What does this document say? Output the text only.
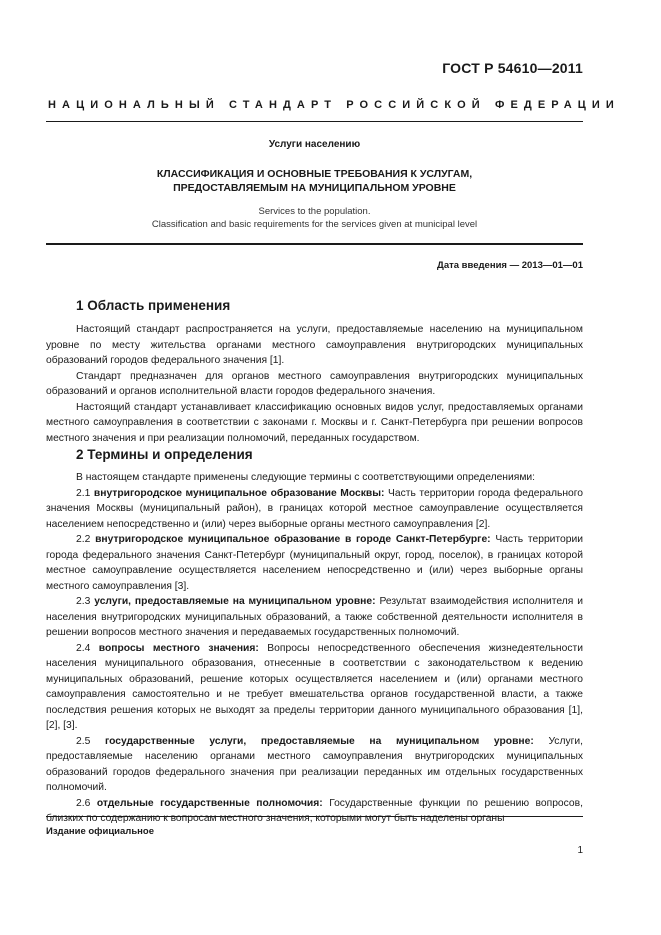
ГОСТ Р 54610—2011
НАЦИОНАЛЬНЫЙ СТАНДАРТ РОССИЙСКОЙ ФЕДЕРАЦИИ
Услуги населению
КЛАССИФИКАЦИЯ И ОСНОВНЫЕ ТРЕБОВАНИЯ К УСЛУГАМ,
ПРЕДОСТАВЛЯЕМЫМ НА МУНИЦИПАЛЬНОМ УРОВНЕ
Services to the population.
Classification and basic requirements for the services given at municipal level
Дата введения — 2013—01—01
1 Область применения

Настоящий стандарт распространяется на услуги, предоставляемые населению на муниципальном уровне по месту жительства органами местного самоуправления внутригородских муниципальных образований городов федерального значения [1].

Стандарт предназначен для органов местного самоуправления внутригородских муниципальных образований и органов исполнительной власти городов федерального значения.

Настоящий стандарт устанавливает классификацию основных видов услуг, предоставляемых органами местного самоуправления в соответствии с законами г. Москвы и г. Санкт-Петербурга при решении вопросов местного значения и при реализации полномочий, переданных государством.

2 Термины и определения

В настоящем стандарте применены следующие термины с соответствующими определениями:

2.1 внутригородское муниципальное образование Москвы: Часть территории города федерального значения Москвы (муниципальный район), в границах которой местное самоуправление осуществляется населением непосредственно и (или) через выборные органы местного самоуправления [2].

2.2 внутригородское муниципальное образование в городе Санкт-Петербурге: Часть территории города федерального значения Санкт-Петербург (муниципальный округ, город, поселок), в границах которой местное самоуправление осуществляется населением непосредственно и (или) через выборные органы местного самоуправления [3].

2.3 услуги, предоставляемые на муниципальном уровне: Результат взаимодействия исполнителя и населения внутригородских муниципальных образований, а также собственной деятельности исполнителя в решении вопросов местного значения и передаваемых государственных полномочий.

2.4 вопросы местного значения: Вопросы непосредственного обеспечения жизнедеятельности населения муниципального образования, отнесенные в соответствии с законодательством к ведению муниципальных образований, решение которых осуществляется населением и (или) органами местного самоуправления самостоятельно и не требует вмешательства органов государственной власти, а также последствия решения которых не выходят за пределы территории данного муниципального образования [1], [2], [3].

2.5 государственные услуги, предоставляемые на муниципальном уровне: Услуги, предоставляемые населению органами местного самоуправления внутригородских муниципальных образований городов федерального значения при реализации переданных им отдельных государственных полномочий.

2.6 отдельные государственные полномочия: Государственные функции по решению вопросов, близких по содержанию к вопросам местного значения, которыми могут быть наделены органы

Издание официальное
1
